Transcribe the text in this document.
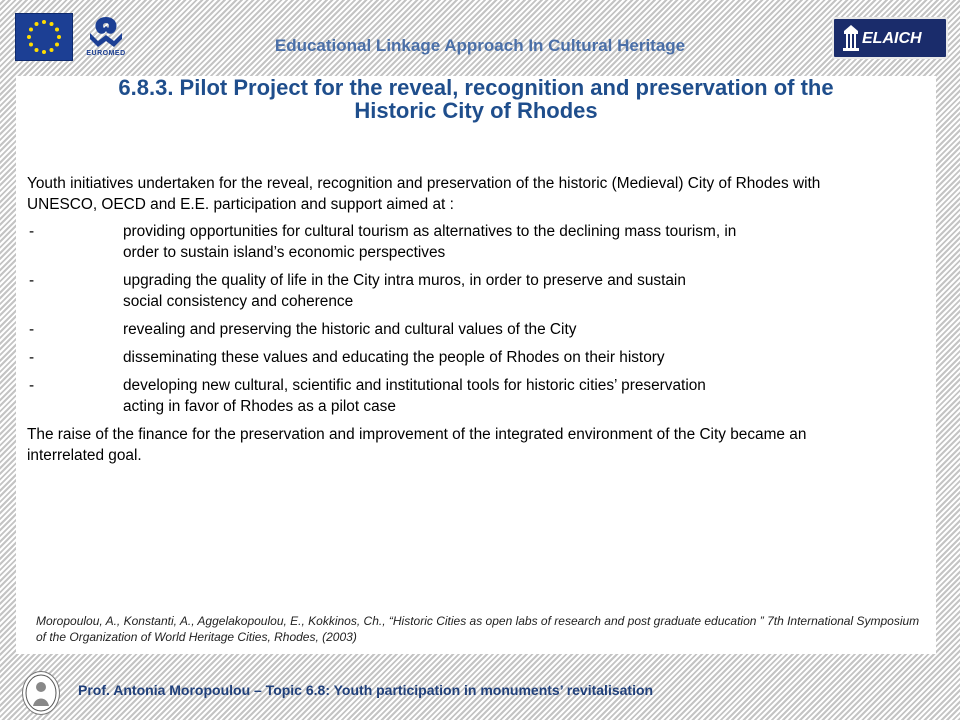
EUROMED	Educational Linkage Approach In Cultural Heritage	ELAICH
6.8.3. Pilot Project for the reveal, recognition and preservation of the
Historic City of Rhodes

Youth initiatives undertaken for the reveal, recognition and preservation of the historic (Medieval) City of Rhodes with UNESCO, OECD and E.E. participation and support aimed at :

-	providing opportunities for cultural tourism as alternatives to the declining mass tourism, in
order to sustain island’s economic perspectives
-	upgrading the quality of life in the City intra muros, in order to preserve and sustain
social consistency and coherence
-	revealing and preserving the historic and cultural values of the City
-	disseminating these values and educating the people of Rhodes on their history
-	developing new cultural, scientific and institutional tools for historic cities’ preservation
acting in favor of Rhodes as a pilot case

The raise of the finance for the preservation and improvement of the integrated environment of the City became an interrelated goal.

Moropoulou, A., Konstanti, A., Aggelakopoulou, E., Kokkinos, Ch., “Historic Cities as open labs of research and post graduate education ” 7th International Symposium of the Organization of World Heritage Cities, Rhodes, (2003)
Prof. Antonia Moropoulou – Topic 6.8: Youth participation in monuments’ revitalisation
